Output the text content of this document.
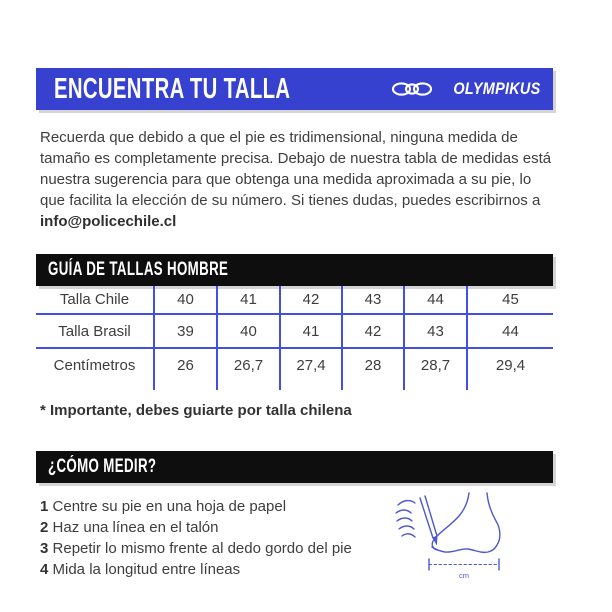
ENCUENTRA TU TALLA	OLYMPIKUS

Recuerda que debido a que el pie es tridimensional, ninguna medida de tamaño es completamente precisa. Debajo de nuestra tabla de medidas está nuestra sugerencia para que obtenga una medida aproximada a su pie, lo que facilita la elección de su número. Si tienes dudas, puedes escribirnos a info@policechile.cl

GUÍA DE TALLAS HOMBRE
Talla Chile	40	41	42	43	44	45
Talla Brasil	39	40	41	42	43	44
Centímetros	26	26,7	27,4	28	28,7	29,4

* Importante, debes guiarte por talla chilena

¿CÓMO MEDIR?
1 Centre su pie en una hoja de papel
2 Haz una línea en el talón
3 Repetir lo mismo frente al dedo gordo del pie
4 Mida la longitud entre líneas	cm
